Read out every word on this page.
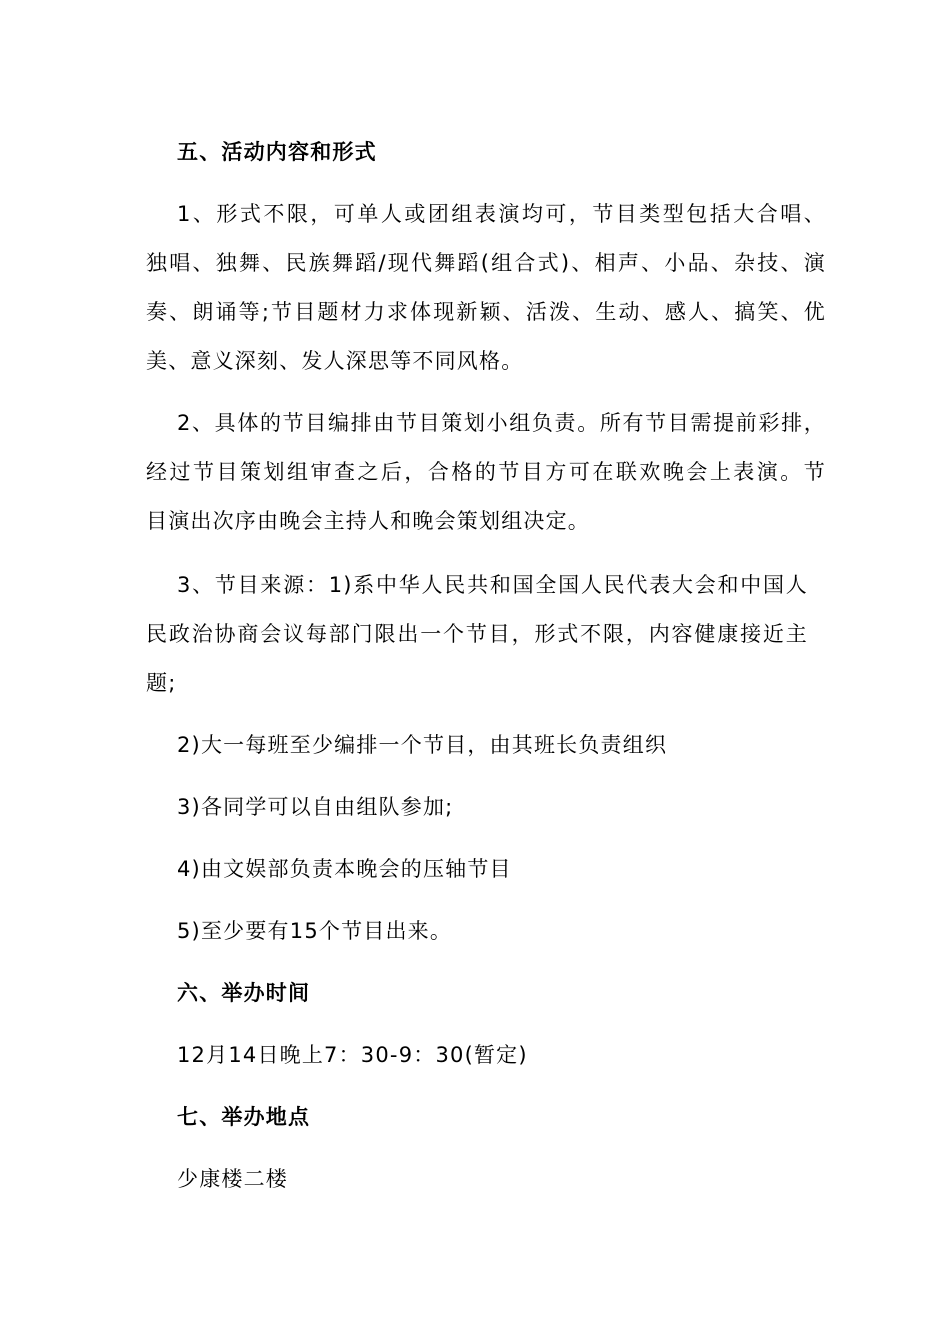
五、活动内容和形式
1、形式不限，可单人或团组表演均可，节目类型包括大合唱、
独唱、独舞、民族舞蹈/现代舞蹈(组合式)、相声、小品、杂技、演
奏、朗诵等;节目题材力求体现新颖、活泼、生动、感人、搞笑、优
美、意义深刻、发人深思等不同风格。
2、具体的节目编排由节目策划小组负责。所有节目需提前彩排，
经过节目策划组审查之后，合格的节目方可在联欢晚会上表演。节
目演出次序由晚会主持人和晚会策划组决定。
3、节目来源：1)系中华人民共和国全国人民代表大会和中国人
民政治协商会议每部门限出一个节目，形式不限，内容健康接近主
题;
2)大一每班至少编排一个节目，由其班长负责组织
3)各同学可以自由组队参加;
4)由文娱部负责本晚会的压轴节目
5)至少要有15个节目出来。
六、举办时间
12月14日晚上7：30-9：30(暂定)
七、举办地点
少康楼二楼
